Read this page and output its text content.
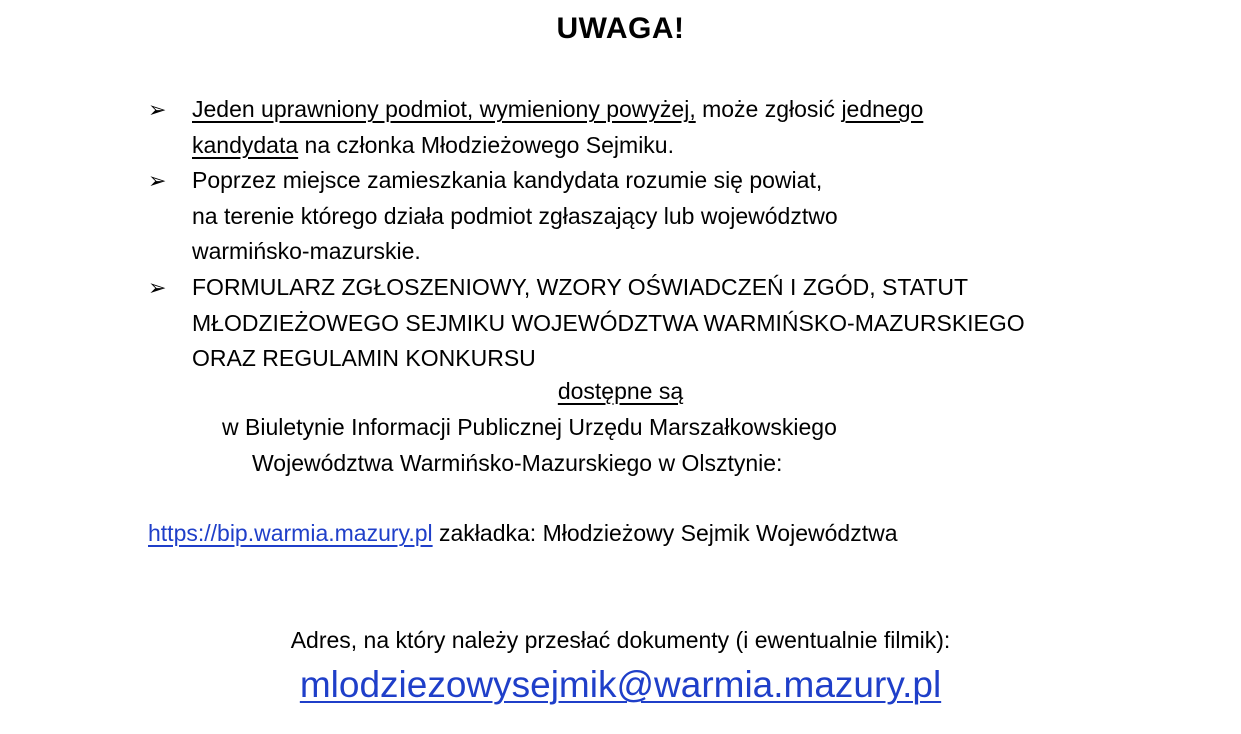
UWAGA!
➢	Jeden uprawniony podmiot, wymieniony powyżej, może zgłosić jednego
kandydata na członka Młodzieżowego Sejmiku.
➢	Poprzez miejsce zamieszkania kandydata rozumie się powiat,
na terenie którego działa podmiot zgłaszający lub województwo
warmińsko-mazurskie.
➢	FORMULARZ ZGŁOSZENIOWY, WZORY OŚWIADCZEŃ I ZGÓD, STATUT
MŁODZIEŻOWEGO SEJMIKU WOJEWÓDZTWA WARMIŃSKO-MAZURSKIEGO
ORAZ REGULAMIN KONKURSU
dostępne są
w Biuletynie Informacji Publicznej Urzędu Marszałkowskiego
Województwa Warmińsko-Mazurskiego w Olsztynie:
https://bip.warmia.mazury.pl zakładka: Młodzieżowy Sejmik Województwa
Adres, na który należy przesłać dokumenty (i ewentualnie filmik):
mlodziezowysejmik@warmia.mazury.pl
